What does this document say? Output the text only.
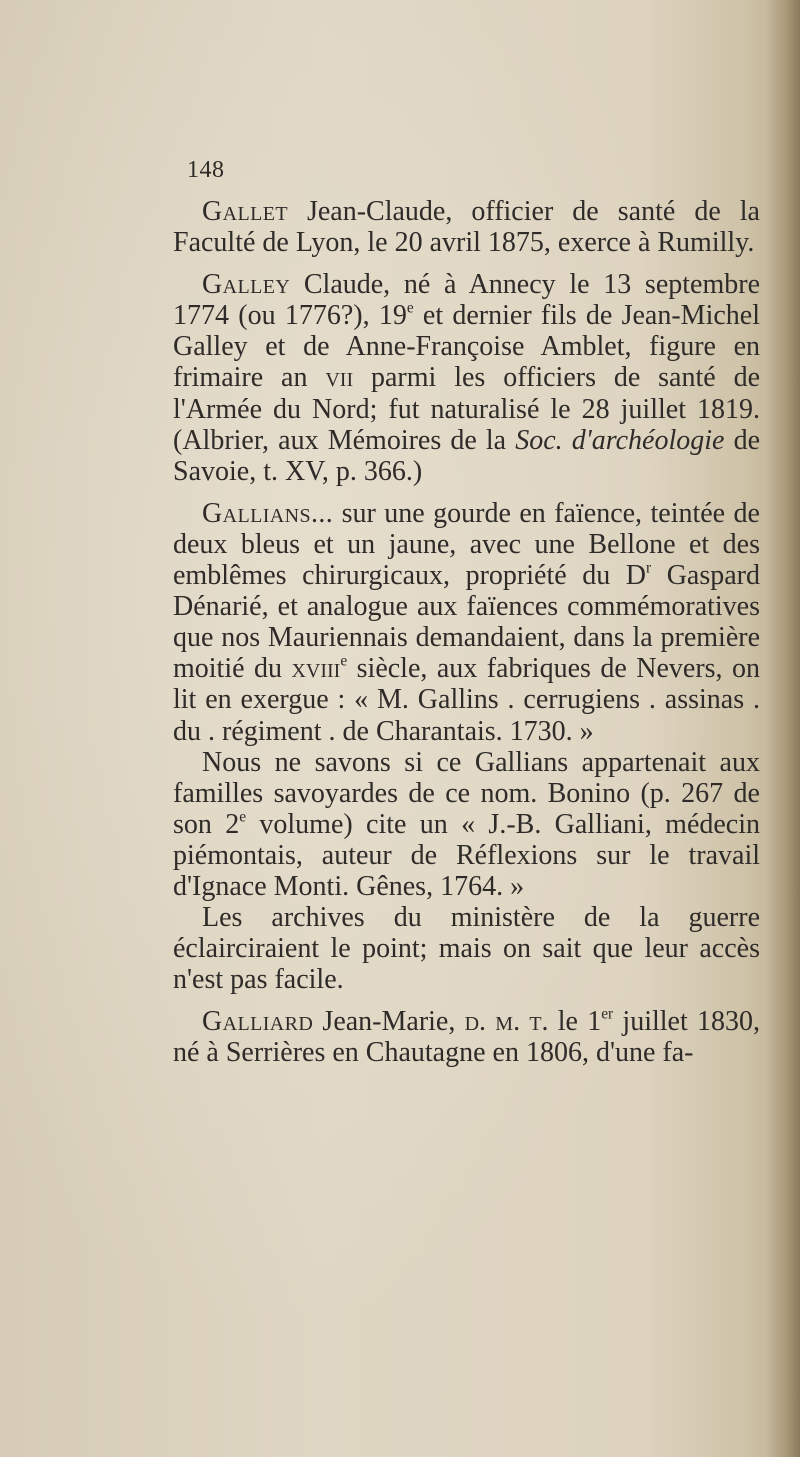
148

Gallet Jean-Claude, officier de santé de la Faculté de Lyon, le 20 avril 1875, exerce à Rumilly.

Galley Claude, né à Annecy le 13 septembre 1774 (ou 1776?), 19e et dernier fils de Jean-Michel Galley et de Anne-Françoise Amblet, figure en frimaire an vii parmi les officiers de santé de l'Armée du Nord; fut naturalisé le 28 juillet 1819. (Albrier, aux Mémoires de la Soc. d'archéologie de Savoie, t. XV, p. 366.)

Gallians... sur une gourde en faïence, teintée de deux bleus et un jaune, avec une Bellone et des emblêmes chirurgicaux, propriété du $D^r$ Gaspard Dénarié, et analogue aux faïences commémoratives que nos Mauriennais demandaient, dans la première moitié du xviii$^e$ siècle, aux fabriques de Nevers, on lit en exergue : « M. Gallins . cerrugiens . assinas . du . régiment . de Charantais. 1730. »

Nous ne savons si ce Gallians appartenait aux familles savoyardes de ce nom. Bonino (p. 267 de son 2e volume) cite un « J.-B. Galliani, médecin piémontais, auteur de Réflexions sur le travail d'Ignace Monti. Gênes, 1764. »

Les archives du ministère de la guerre éclairciraient le point; mais on sait que leur accès n'est pas facile.

Galliard Jean-Marie, d. m. t. le 1er juillet 1830, né à Serrières en Chautagne en 1806, d'une fa-
